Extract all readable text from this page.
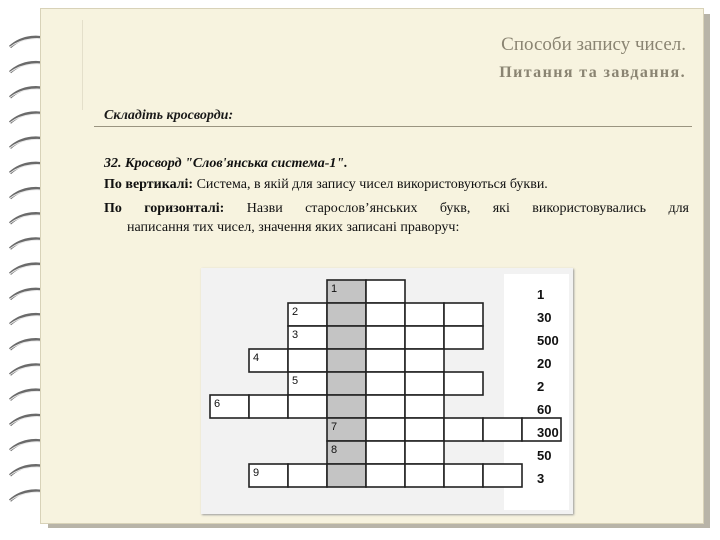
Способи запису чисел.
Питання та завдання.
Складіть кросворди:
32. Кросворд "Слов'янська система-1".
По вертикалі: Система, в якій для запису чисел використовуються букви.
По горизонталі: Назви старослов’янських букв, які використовувались для
написання тих чисел, значення яких записані праворуч:
1	1
2	30
3	500
4	20
5	2
6	60
7	300
8	50
9	3
